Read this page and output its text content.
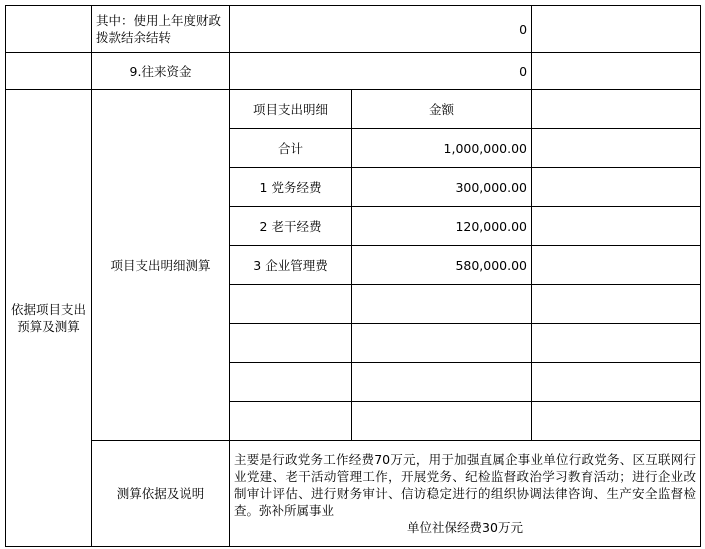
	其中：使用上年度财政拨款结余结转	0		
	9.往来资金	0		
依据项目支出预算及测算	项目支出明细测算	项目支出明细	金额	
		合计	1,000,000.00	
		1 党务经费	300,000.00	
		2 老干经费	120,000.00	
		3 企业管理费	580,000.00	

	测算依据及说明	主要是行政党务工作经费70万元，用于加强直属企事业单位行政党务、区互联网行业党建、老干活动管理工作，开展党务、纪检监督政治学习教育活动；进行企业改制审计评估、进行财务审计、信访稳定进行的组织协调法律咨询、生产安全监督检查。弥补所属事业
单位社保经费30万元		
